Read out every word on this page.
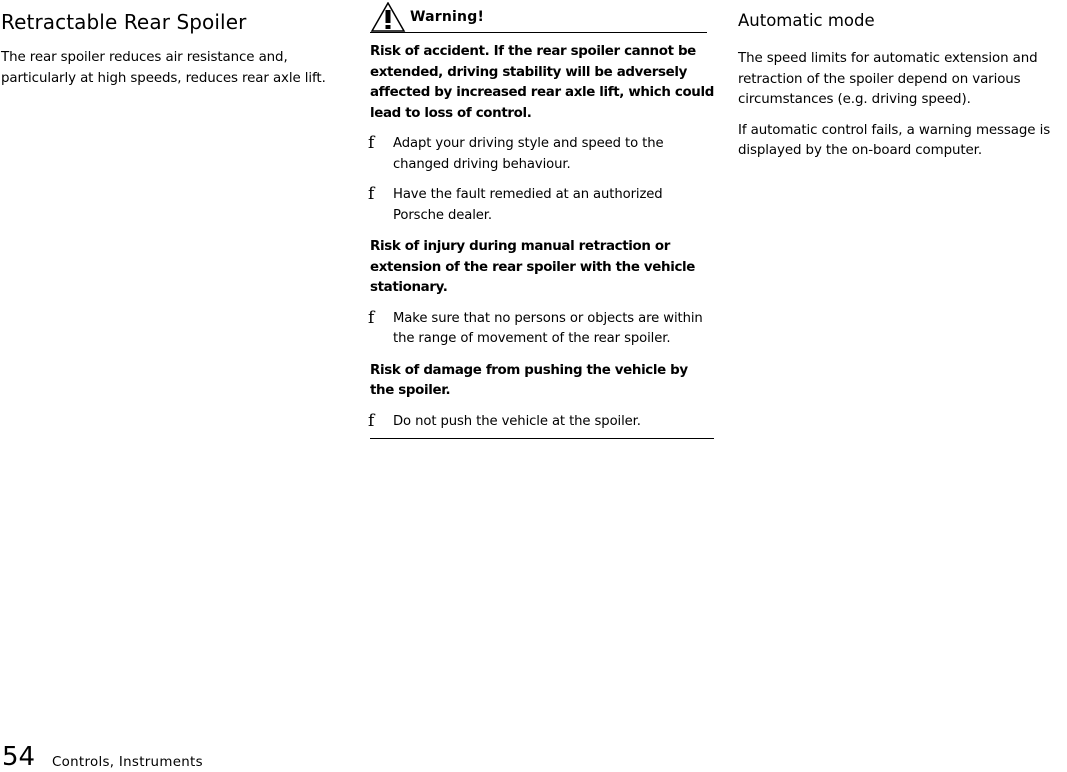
Retractable Rear Spoiler

The rear spoiler reduces air resistance and,
particularly at high speeds, reduces rear axle lift.

Warning!

Risk of accident. If the rear spoiler cannot be extended, driving stability will be adversely affected by increased rear axle lift, which could lead to loss of control.

f Adapt your driving style and speed to the changed driving behaviour.
f Have the fault remedied at an authorized Porsche dealer.

Risk of injury during manual retraction or extension of the rear spoiler with the vehicle stationary.

f Make sure that no persons or objects are within the range of movement of the rear spoiler.

Risk of damage from pushing the vehicle by the spoiler.

f Do not push the vehicle at the spoiler.
Automatic mode

The speed limits for automatic extension and retraction of the spoiler depend on various circumstances (e.g. driving speed).

If automatic control fails, a warning message is displayed by the on-board computer.

54 Controls, Instruments
